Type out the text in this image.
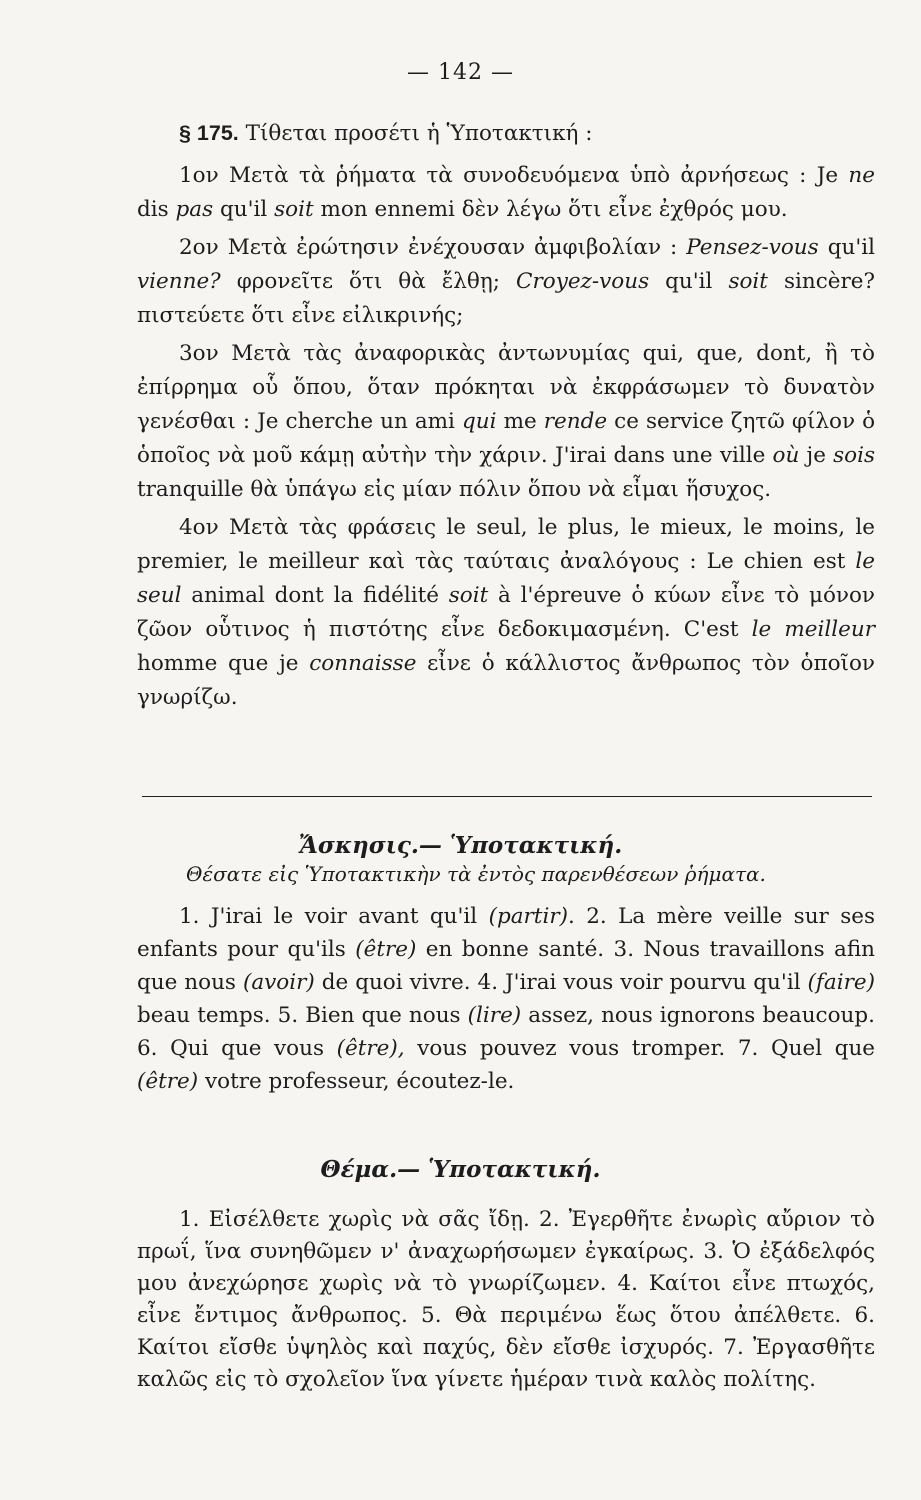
— 142 —

§ 175. Τίθεται προσέτι ἡ Ὑποτακτική :

1ον Μετὰ τὰ ῥήματα τὰ συνοδευόμενα ὑπὸ ἀρνήσεως : Je ne dis pas qu'il soit mon ennemi δὲν λέγω ὅτι εἶνε ἐχθρός μου.

2ον Μετὰ ἐρώτησιν ἐνέχουσαν ἀμφιβολίαν : Pensez-vous qu'il vienne? φρονεῖτε ὅτι θὰ ἔλθῃ; Croyez-vous qu'il soit sincère? πιστεύετε ὅτι εἶνε εἰλικρινής;

3ον Μετὰ τὰς ἀναφορικὰς ἀντωνυμίας qui, que, dont, ἢ τὸ ἐπίρρημα οὗ ὅπου, ὅταν πρόκηται νὰ ἐκφράσωμεν τὸ δυνατὸν γενέσθαι : Je cherche un ami qui me rende ce service ζητῶ φίλον ὁ ὁποῖος νὰ μοῦ κάμῃ αὐτὴν τὴν χάριν. J'irai dans une ville où je sois tranquille θὰ ὑπάγω εἰς μίαν πόλιν ὅπου νὰ εἶμαι ἥσυχος.

4ον Μετὰ τὰς φράσεις le seul, le plus, le mieux, le moins, le premier, le meilleur καὶ τὰς ταύταις ἀναλόγους : Le chien est le seul animal dont la fidélité soit à l'épreuve ὁ κύων εἶνε τὸ μόνον ζῶον οὗτινος ἡ πιστότης εἶνε δεδοκιμασμένη. C'est le meilleur homme que je connaisse εἶνε ὁ κάλλιστος ἄνθρωπος τὸν ὁποῖον γνωρίζω.

Ἄσκησις.— Ὑποτακτική.
Θέσατε εἰς Ὑποτακτικὴν τὰ ἐντὸς παρενθέσεων ῥήματα.

1. J'irai le voir avant qu'il (partir). 2. La mère veille sur ses enfants pour qu'ils (être) en bonne santé. 3. Nous travaillons afin que nous (avoir) de quoi vivre. 4. J'irai vous voir pourvu qu'il (faire) beau temps. 5. Bien que nous (lire) assez, nous ignorons beaucoup. 6. Qui que vous (être), vous pouvez vous tromper. 7. Quel que (être) votre professeur, écoutez-le.

Θέμα.— Ὑποτακτική.

1. Εἰσέλθετε χωρὶς νὰ σᾶς ἴδῃ. 2. Ἐγερθῆτε ἐνωρὶς αὔριον τὸ πρωΐ, ἵνα συνηθῶμεν ν' ἀναχωρήσωμεν ἐγκαίρως. 3. Ὁ ἐξάδελφός μου ἀνεχώρησε χωρὶς νὰ τὸ γνωρίζωμεν. 4. Καίτοι εἶνε πτωχός, εἶνε ἔντιμος ἄνθρωπος. 5. Θὰ περιμένω ἕως ὅτου ἀπέλθετε. 6. Καίτοι εἴσθε ὑψηλὸς καὶ παχύς, δὲν εἴσθε ἰσχυρός. 7. Ἐργασθῆτε καλῶς εἰς τὸ σχολεῖον ἵνα γίνετε ἡμέραν τινὰ καλὸς πολίτης.
